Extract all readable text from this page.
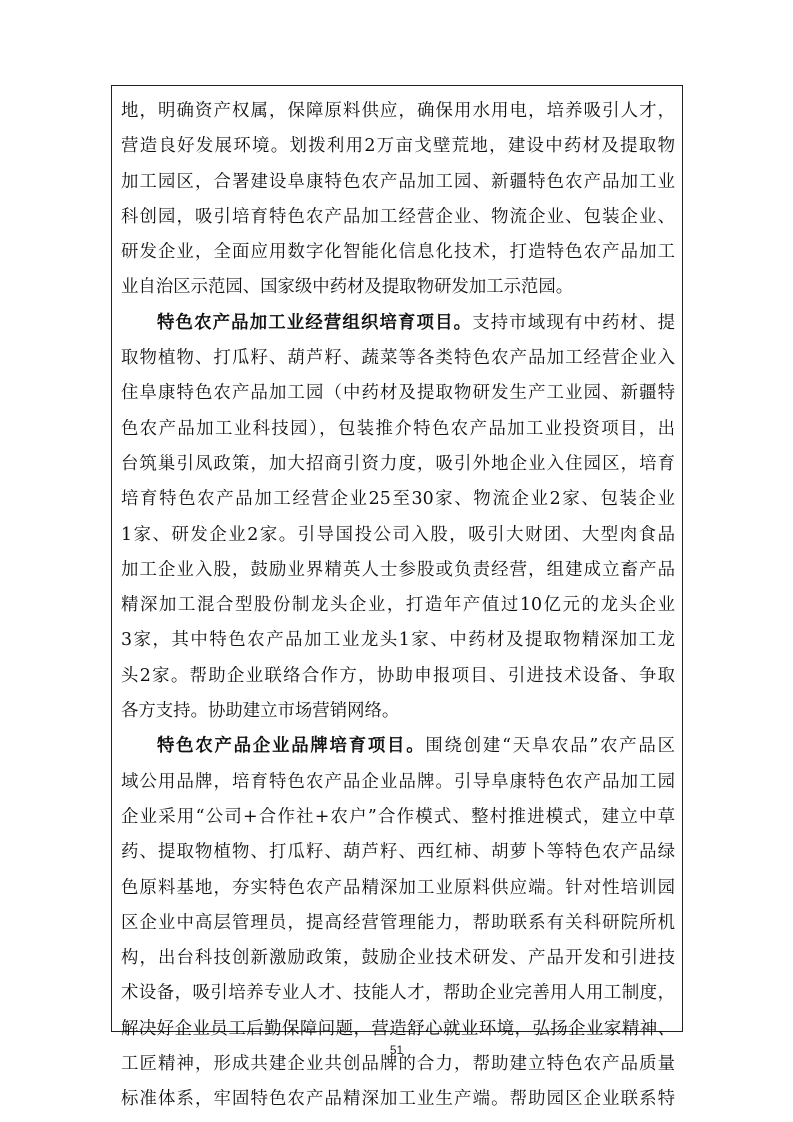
地，明确资产权属，保障原料供应，确保用水用电，培养吸引人才，
营造良好发展环境。划拨利用2万亩戈壁荒地，建设中药材及提取物
加工园区，合署建设阜康特色农产品加工园、新疆特色农产品加工业
科创园，吸引培育特色农产品加工经营企业、物流企业、包装企业、
研发企业，全面应用数字化智能化信息化技术，打造特色农产品加工
业自治区示范园、国家级中药材及提取物研发加工示范园。
特色农产品加工业经营组织培育项目。支持市域现有中药材、提
取物植物、打瓜籽、葫芦籽、蔬菜等各类特色农产品加工经营企业入
住阜康特色农产品加工园（中药材及提取物研发生产工业园、新疆特
色农产品加工业科技园），包装推介特色农产品加工业投资项目，出
台筑巢引凤政策，加大招商引资力度，吸引外地企业入住园区，培育
培育特色农产品加工经营企业25至30家、物流企业2家、包装企业
1家、研发企业2家。引导国投公司入股，吸引大财团、大型肉食品
加工企业入股，鼓励业界精英人士参股或负责经营，组建成立畜产品
精深加工混合型股份制龙头企业，打造年产值过10亿元的龙头企业
3家，其中特色农产品加工业龙头1家、中药材及提取物精深加工龙
头2家。帮助企业联络合作方，协助申报项目、引进技术设备、争取
各方支持。协助建立市场营销网络。
特色农产品企业品牌培育项目。围绕创建“天阜农品”农产品区
域公用品牌，培育特色农产品企业品牌。引导阜康特色农产品加工园
企业采用“公司+合作社+农户”合作模式、整村推进模式，建立中草
药、提取物植物、打瓜籽、葫芦籽、西红柿、胡萝卜等特色农产品绿
色原料基地，夯实特色农产品精深加工业原料供应端。针对性培训园
区企业中高层管理员，提高经营管理能力，帮助联系有关科研院所机
构，出台科技创新激励政策，鼓励企业技术研发、产品开发和引进技
术设备，吸引培养专业人才、技能人才，帮助企业完善用人用工制度，
解决好企业员工后勤保障问题，营造舒心就业环境，弘扬企业家精神、
工匠精神，形成共建企业共创品牌的合力，帮助建立特色农产品质量
标准体系，牢固特色农产品精深加工业生产端。帮助园区企业联系特
51
